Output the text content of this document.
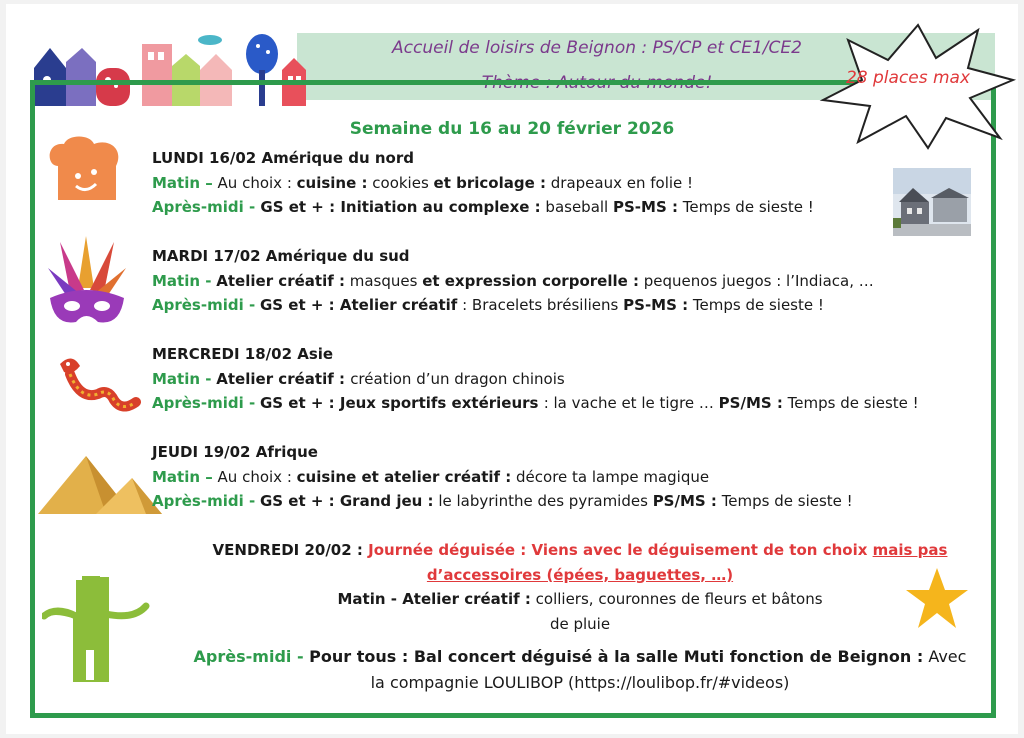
Accueil de loisirs de Beignon : PS/CP et CE1/CE2
Thème : Autour du monde!	28 places max
Semaine du 16 au 20 février 2026
LUNDI 16/02 Amérique du nord
Matin – Au choix : cuisine : cookies et bricolage : drapeaux en folie !
Après-midi - GS et + : Initiation au complexe : baseball PS-MS : Temps de sieste !
MARDI 17/02 Amérique du sud
Matin - Atelier créatif : masques et expression corporelle : pequenos juegos : l’Indiaca, …
Après-midi - GS et + : Atelier créatif : Bracelets brésiliens PS-MS : Temps de sieste !
MERCREDI 18/02 Asie
Matin - Atelier créatif : création d’un dragon chinois
Après-midi - GS et + : Jeux sportifs extérieurs : la vache et le tigre … PS/MS : Temps de sieste !
JEUDI 19/02 Afrique
Matin – Au choix : cuisine et atelier créatif : décore ta lampe magique
Après-midi - GS et + : Grand jeu : le labyrinthe des pyramides PS/MS : Temps de sieste !
VENDREDI 20/02 : Journée déguisée : Viens avec le déguisement de ton choix mais pas
d’accessoires (épées, baguettes, …)
Matin - Atelier créatif : colliers, couronnes de fleurs et bâtons
de pluie
Après-midi - Pour tous : Bal concert déguisé à la salle Muti fonction de Beignon : Avec
la compagnie LOULIBOP (https://loulibop.fr/#videos)
